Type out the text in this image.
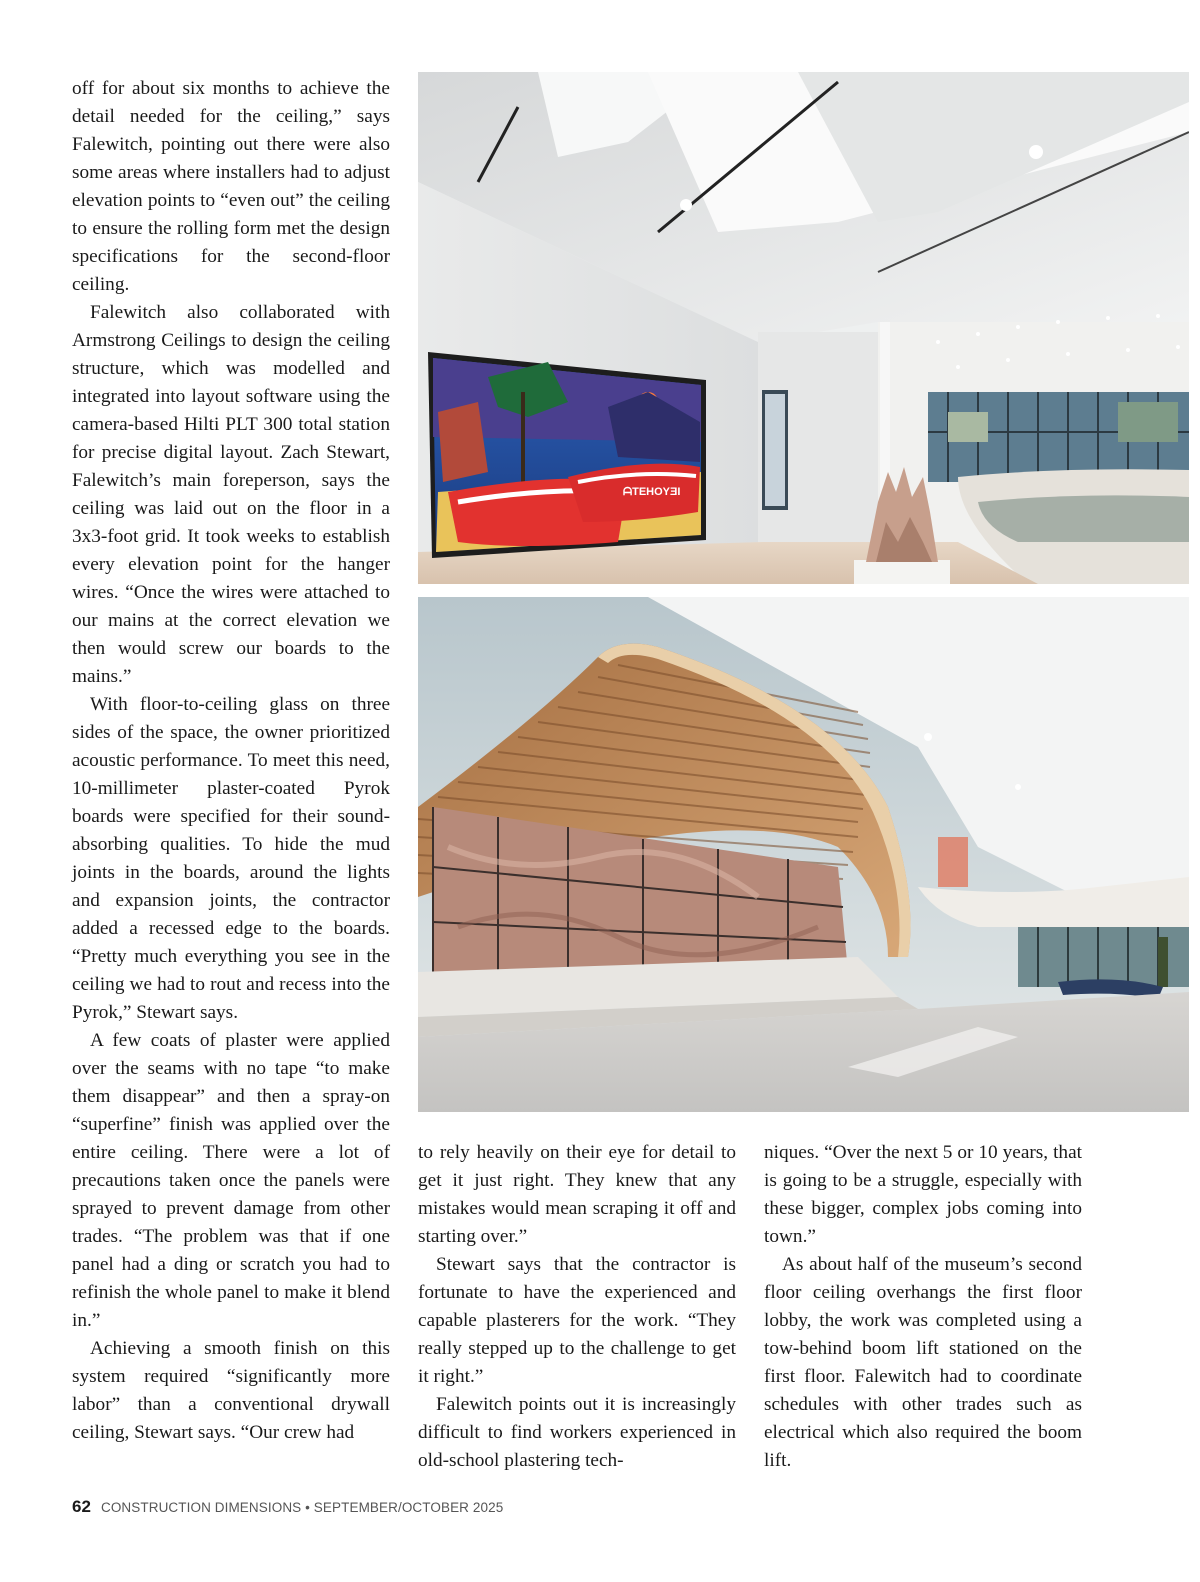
off for about six months to achieve the detail needed for the ceiling,” says Falewitch, pointing out there were also some areas where installers had to adjust elevation points to “even out” the ceiling to ensure the rolling form met the design specifications for the second-floor ceiling.

Falewitch also collaborated with Armstrong Ceilings to design the ceiling structure, which was modelled and integrated into layout software using the camera-based Hilti PLT 300 total station for precise digital layout. Zach Stewart, Falewitch’s main foreperson, says the ceiling was laid out on the floor in a 3x3-foot grid. It took weeks to establish every elevation point for the hanger wires. “Once the wires were attached to our mains at the correct elevation we then would screw our boards to the mains.”

With floor-to-ceiling glass on three sides of the space, the owner prioritized acoustic performance. To meet this need, 10-millimeter plaster-coated Pyrok boards were specified for their sound-absorbing qualities. To hide the mud joints in the boards, around the lights and expansion joints, the contractor added a recessed edge to the boards. “Pretty much everything you see in the ceiling we had to rout and recess into the Pyrok,” Stewart says.

A few coats of plaster were applied over the seams with no tape “to make them disappear” and then a spray-on “superfine” finish was applied over the entire ceiling. There were a lot of precautions taken once the panels were sprayed to prevent damage from other trades. “The problem was that if one panel had a ding or scratch you had to refinish the whole panel to make it blend in.”

Achieving a smooth finish on this system required “significantly more labor” than a conventional drywall ceiling, Stewart says. “Our crew had

ᗩTEHOYƎI

to rely heavily on their eye for detail to get it just right. They knew that any mistakes would mean scraping it off and starting over.”

Stewart says that the contractor is fortunate to have the experienced and capable plasterers for the work. “They really stepped up to the challenge to get it right.”

Falewitch points out it is increasingly difficult to find workers experienced in old-school plastering tech-

niques. “Over the next 5 or 10 years, that is going to be a struggle, especially with these bigger, complex jobs coming into town.”

As about half of the museum’s second floor ceiling overhangs the first floor lobby, the work was completed using a tow-behind boom lift stationed on the first floor. Falewitch had to coordinate schedules with other trades such as electrical which also required the boom lift.

62 CONSTRUCTION DIMENSIONS • SEPTEMBER/OCTOBER 2025
